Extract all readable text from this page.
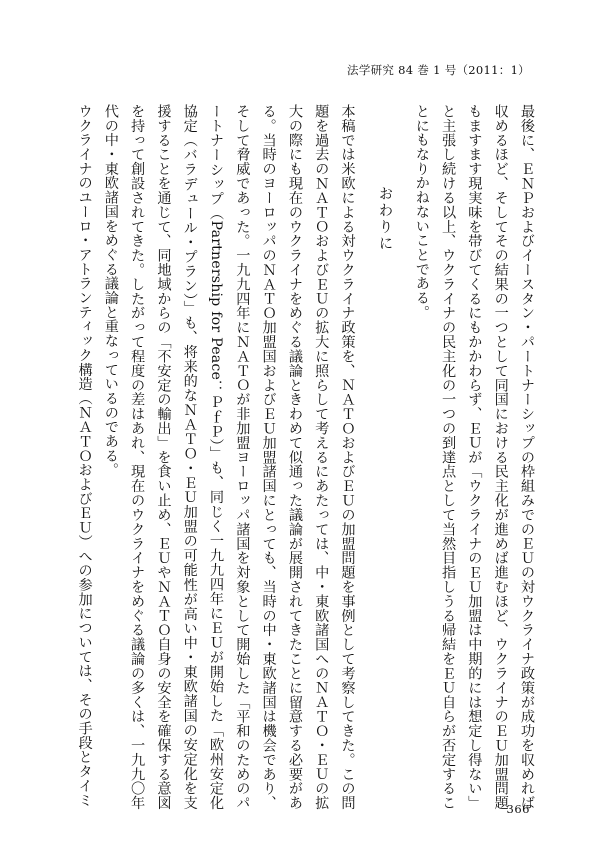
法学研究 84 巻 1 号（2011：1）

最後に、ＥＮＰおよびイースタン・パートナーシップの枠組みでのＥＵの対ウクライナ政策が成功を収めれば収めるほど、そしてその結果の一つとして同国における民主化が進めば進むほど、ウクライナのＥＵ加盟問題もますます現実味を帯びてくるにもかかわらず、ＥＵが「ウクライナのＥＵ加盟は中期的には想定し得ない」と主張し続ける以上、ウクライナの民主化の一つの到達点として当然目指しうる帰結をＥＵ自らが否定することにもなりかねないことである。

おわりに

本稿では米欧による対ウクライナ政策を、ＮＡＴＯおよびＥＵの加盟問題を事例として考察してきた。この問題を過去のＮＡＴＯおよびＥＵの拡大に照らして考えるにあたっては、中・東欧諸国へのＮＡＴＯ・ＥＵの拡大の際にも現在のウクライナをめぐる議論ときわめて似通った議論が展開されてきたことに留意する必要がある。当時のヨーロッパのＮＡＴＯ加盟国およびＥＵ加盟諸国にとっても、当時の中・東欧諸国は機会であり、そして脅威であった。一九九四年にＮＡＴＯが非加盟ヨーロッパ諸国を対象として開始した「平和のためのパートナーシップ（Partnership for Peace：ＰｆＰ）」も、同じく一九九四年にＥＵが開始した「欧州安定化協定（バラデュール・プラン）」も、将来的なＮＡＴＯ・ＥＵ加盟の可能性が高い中・東欧諸国の安定化を支援することを通じて、同地域からの「不安定の輸出」を食い止め、ＥＵやＮＡＴＯ自身の安全を確保する意図を持って創設されてきた。したがって程度の差はあれ、現在のウクライナをめぐる議論の多くは、一九九〇年代の中・東欧諸国をめぐる議論と重なっているのである。

ウクライナのユーロ・アトランティック構造（ＮＡＴＯおよびＥＵ）への参加については、その手段とタイミ

366
